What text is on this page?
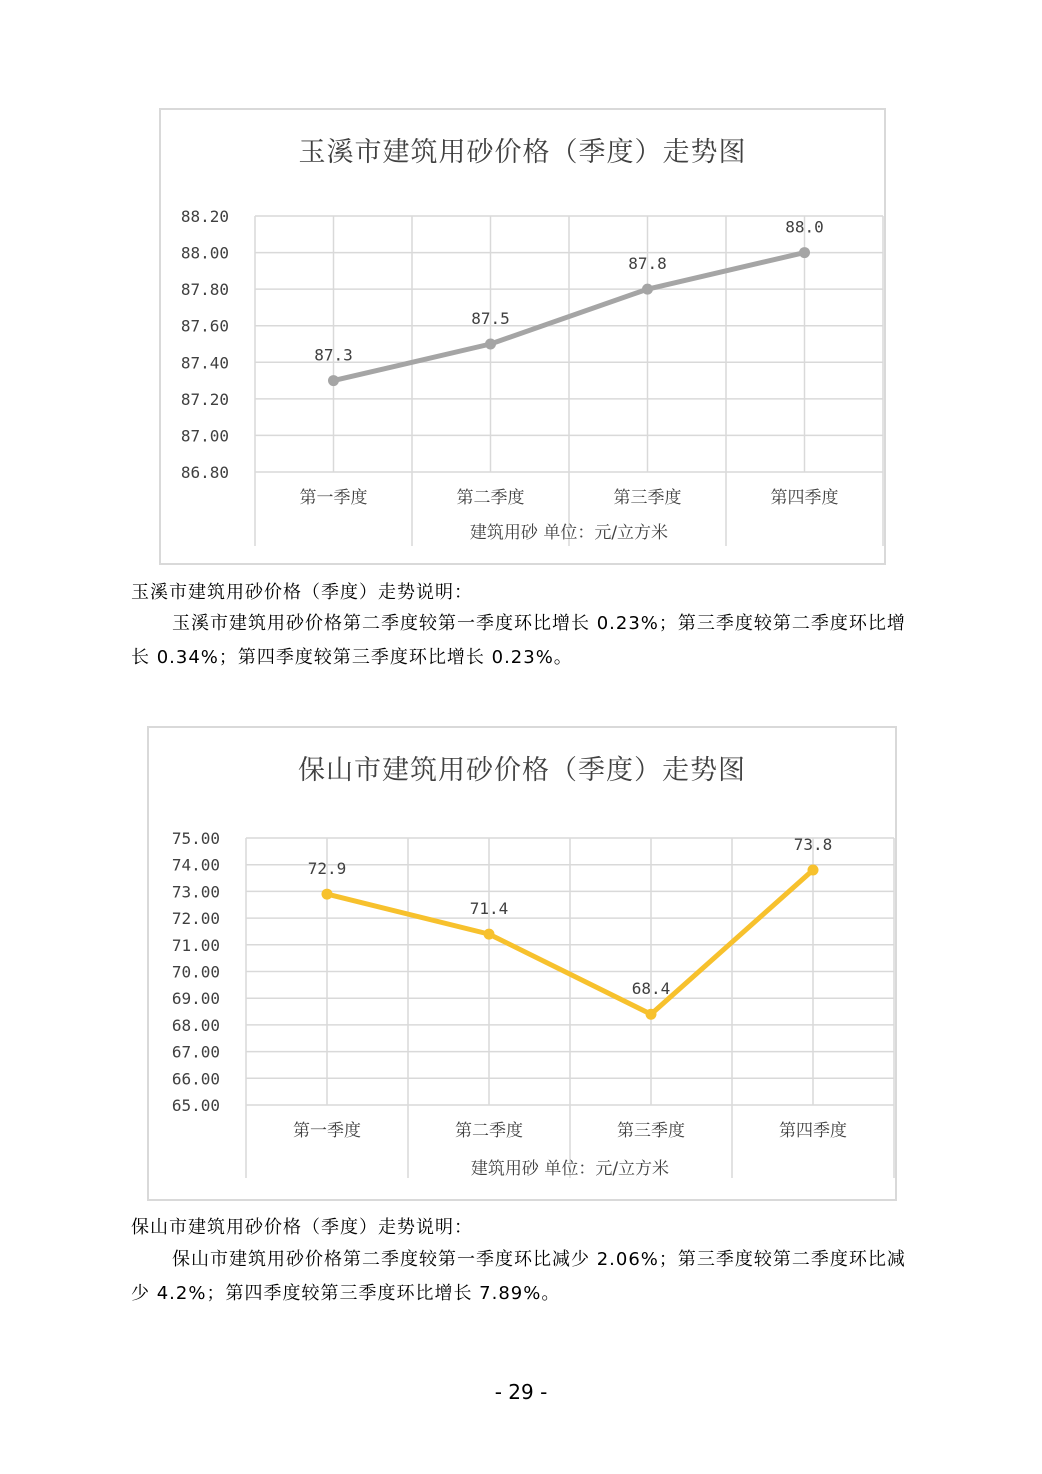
玉溪市建筑用砂价格（季度）走势图
88.20
88.00
87.80
87.60
87.40
87.20
87.00
86.80
第一季度	第二季度	第三季度	第四季度
建筑用砂 单位：元/立方米
87.3
87.5
87.8
88.0
玉溪市建筑用砂价格（季度）走势说明：

玉溪市建筑用砂价格第二季度较第一季度环比增长 0.23%；第三季度较第二季度环比增长 0.34%；第四季度较第三季度环比增长 0.23%。

保山市建筑用砂价格（季度）走势图
75.00
74.00
73.00
72.00
71.00
70.00
69.00
68.00
67.00
66.00
65.00
第一季度	第二季度	第三季度	第四季度
建筑用砂 单位：元/立方米
72.9
71.4
68.4
73.8
保山市建筑用砂价格（季度）走势说明：

保山市建筑用砂价格第二季度较第一季度环比减少 2.06%；第三季度较第二季度环比减少 4.2%；第四季度较第三季度环比增长 7.89%。

- 29 -
